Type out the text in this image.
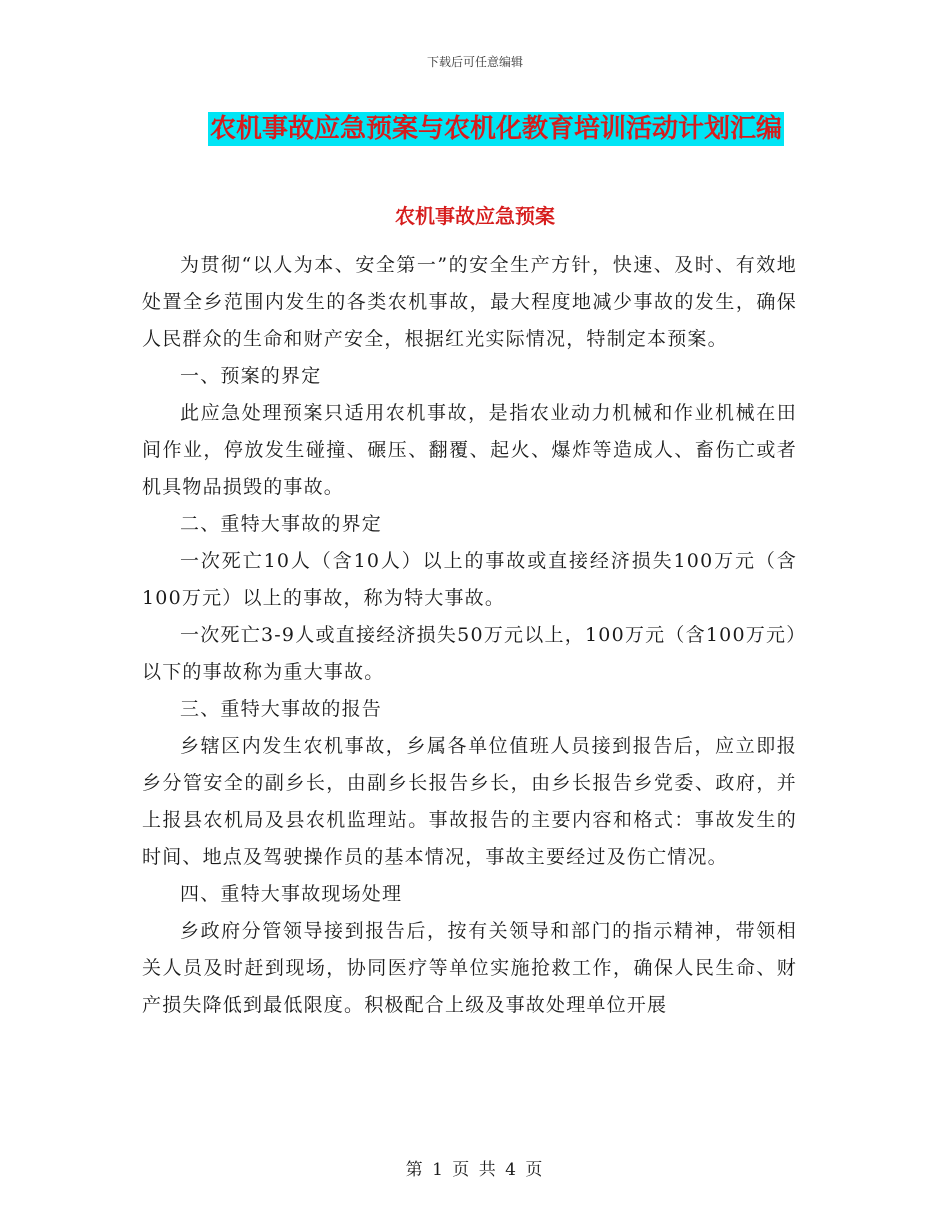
下载后可任意编辑
农机事故应急预案与农机化教育培训活动计划汇编
农机事故应急预案

为贯彻“以人为本、安全第一”的安全生产方针，快速、及时、有效地处置全乡范围内发生的各类农机事故，最大程度地减少事故的发生，确保人民群众的生命和财产安全，根据红光实际情况，特制定本预案。

一、预案的界定

此应急处理预案只适用农机事故，是指农业动力机械和作业机械在田间作业，停放发生碰撞、碾压、翻覆、起火、爆炸等造成人、畜伤亡或者机具物品损毁的事故。

二、重特大事故的界定

一次死亡10人（含10人）以上的事故或直接经济损失100万元（含100万元）以上的事故，称为特大事故。

一次死亡3-9人或直接经济损失50万元以上，100万元（含100万元）以下的事故称为重大事故。

三、重特大事故的报告

乡辖区内发生农机事故，乡属各单位值班人员接到报告后，应立即报乡分管安全的副乡长，由副乡长报告乡长，由乡长报告乡党委、政府，并上报县农机局及县农机监理站。事故报告的主要内容和格式：事故发生的时间、地点及驾驶操作员的基本情况，事故主要经过及伤亡情况。

四、重特大事故现场处理

乡政府分管领导接到报告后，按有关领导和部门的指示精神，带领相关人员及时赶到现场，协同医疗等单位实施抢救工作，确保人民生命、财产损失降低到最低限度。积极配合上级及事故处理单位开展

第 1 页 共 4 页
